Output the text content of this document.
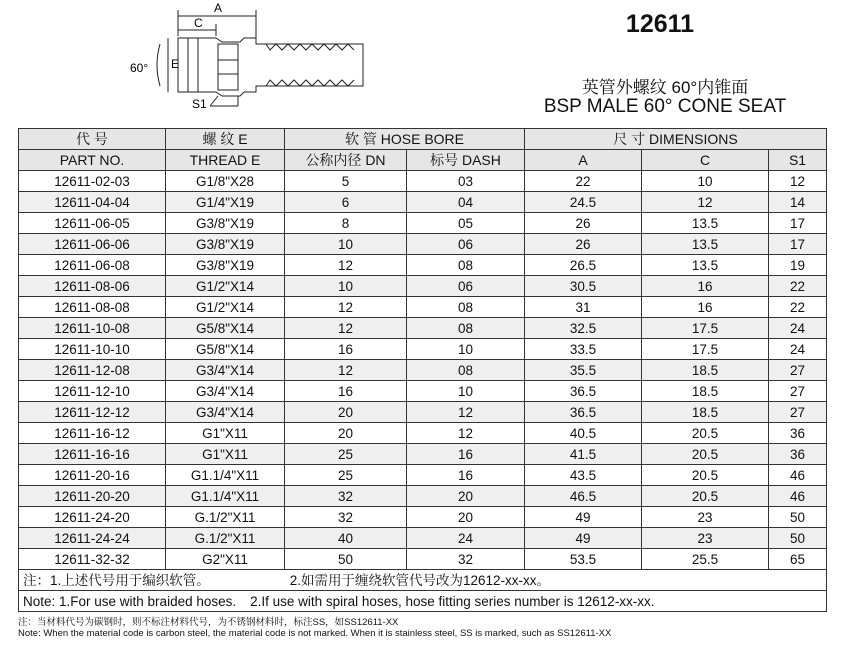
A
C
E
S1
60°
12611
英管外螺纹 60°内锥面
BSP MALE 60° CONE SEAT
代 号	螺 纹 E	软 管 HOSE BORE		尺 寸 DIMENSIONS		
PART NO.	THREAD E	公称内径 DN	标号 DASH	A	C	S1
12611-02-03	G1/8"X28	5	03	22	10	12
12611-04-04	G1/4"X19	6	04	24.5	12	14
12611-06-05	G3/8"X19	8	05	26	13.5	17
12611-06-06	G3/8"X19	10	06	26	13.5	17
12611-06-08	G3/8"X19	12	08	26.5	13.5	19
12611-08-06	G1/2"X14	10	06	30.5	16	22
12611-08-08	G1/2"X14	12	08	31	16	22
12611-10-08	G5/8"X14	12	08	32.5	17.5	24
12611-10-10	G5/8"X14	16	10	33.5	17.5	24
12611-12-08	G3/4"X14	12	08	35.5	18.5	27
12611-12-10	G3/4"X14	16	10	36.5	18.5	27
12611-12-12	G3/4"X14	20	12	36.5	18.5	27
12611-16-12	G1"X11	20	12	40.5	20.5	36
12611-16-16	G1"X11	25	16	41.5	20.5	36
12611-20-16	G1.1/4"X11	25	16	43.5	20.5	46
12611-20-20	G1.1/4"X11	32	20	46.5	20.5	46
12611-24-20	G.1/2"X11	32	20	49	23	50
12611-24-24	G.1/2"X11	40	24	49	23	50
12611-32-32	G2"X11	50	32	53.5	25.5	65
注：1.上述代号用于编织软管。 2.如需用于缠绕软管代号改为12612-xx-xx。						
Note: 1.For use with braided hoses. 2.If use with spiral hoses, hose fitting series number is 12612-xx-xx.						
注：当材料代号为碳钢时，则不标注材料代号，为不锈钢材料时，标注SS，如SS12611-XX
Note: When the material code is carbon steel, the material code is not marked. When it is stainless steel, SS is marked, such as SS12611-XX
